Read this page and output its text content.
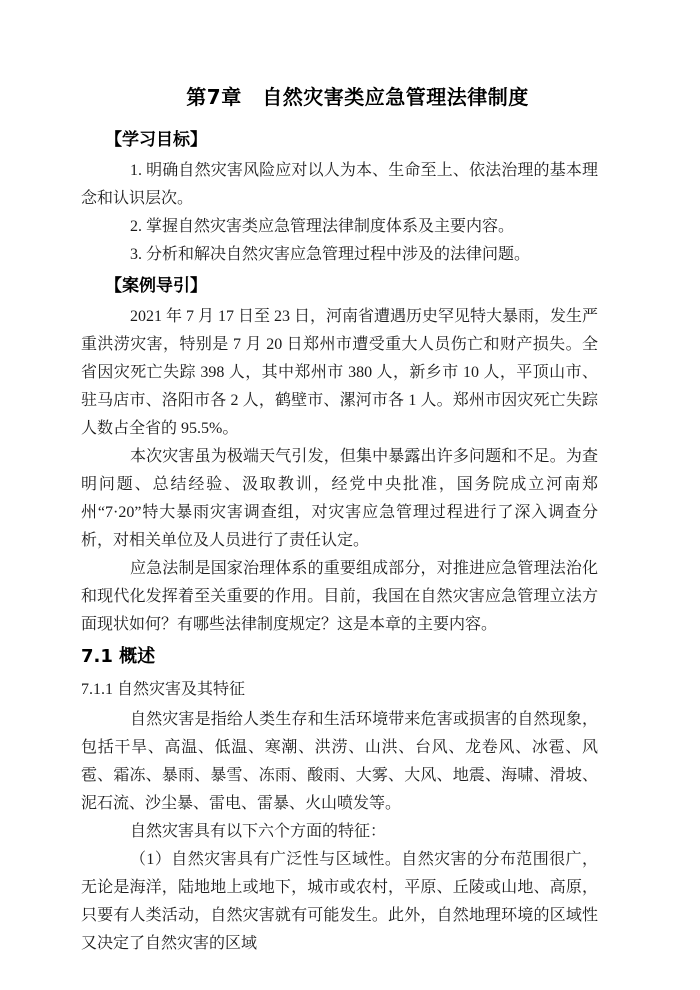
第7章　自然灾害类应急管理法律制度
【学习目标】

1. 明确自然灾害风险应对以人为本、生命至上、依法治理的基本理念和认识层次。

2. 掌握自然灾害类应急管理法律制度体系及主要内容。

3. 分析和解决自然灾害应急管理过程中涉及的法律问题。

【案例导引】

2021 年 7 月 17 日至 23 日，河南省遭遇历史罕见特大暴雨，发生严重洪涝灾害，特别是 7 月 20 日郑州市遭受重大人员伤亡和财产损失。全省因灾死亡失踪 398 人，其中郑州市 380 人，新乡市 10 人，平顶山市、驻马店市、洛阳市各 2 人，鹤壁市、漯河市各 1 人。郑州市因灾死亡失踪人数占全省的 95.5%。

本次灾害虽为极端天气引发，但集中暴露出许多问题和不足。为查明问题、总结经验、汲取教训，经党中央批准，国务院成立河南郑州“7·20”特大暴雨灾害调查组，对灾害应急管理过程进行了深入调查分析，对相关单位及人员进行了责任认定。

应急法制是国家治理体系的重要组成部分，对推进应急管理法治化和现代化发挥着至关重要的作用。目前，我国在自然灾害应急管理立法方面现状如何？有哪些法律制度规定？这是本章的主要内容。

7.1 概述
7.1.1 自然灾害及其特征

自然灾害是指给人类生存和生活环境带来危害或损害的自然现象，包括干旱、高温、低温、寒潮、洪涝、山洪、台风、龙卷风、冰雹、风雹、霜冻、暴雨、暴雪、冻雨、酸雨、大雾、大风、地震、海啸、滑坡、泥石流、沙尘暴、雷电、雷暴、火山喷发等。

自然灾害具有以下六个方面的特征：

（1）自然灾害具有广泛性与区域性。自然灾害的分布范围很广，无论是海洋，陆地地上或地下，城市或农村，平原、丘陵或山地、高原，只要有人类活动，自然灾害就有可能发生。此外，自然地理环境的区域性又决定了自然灾害的区域
